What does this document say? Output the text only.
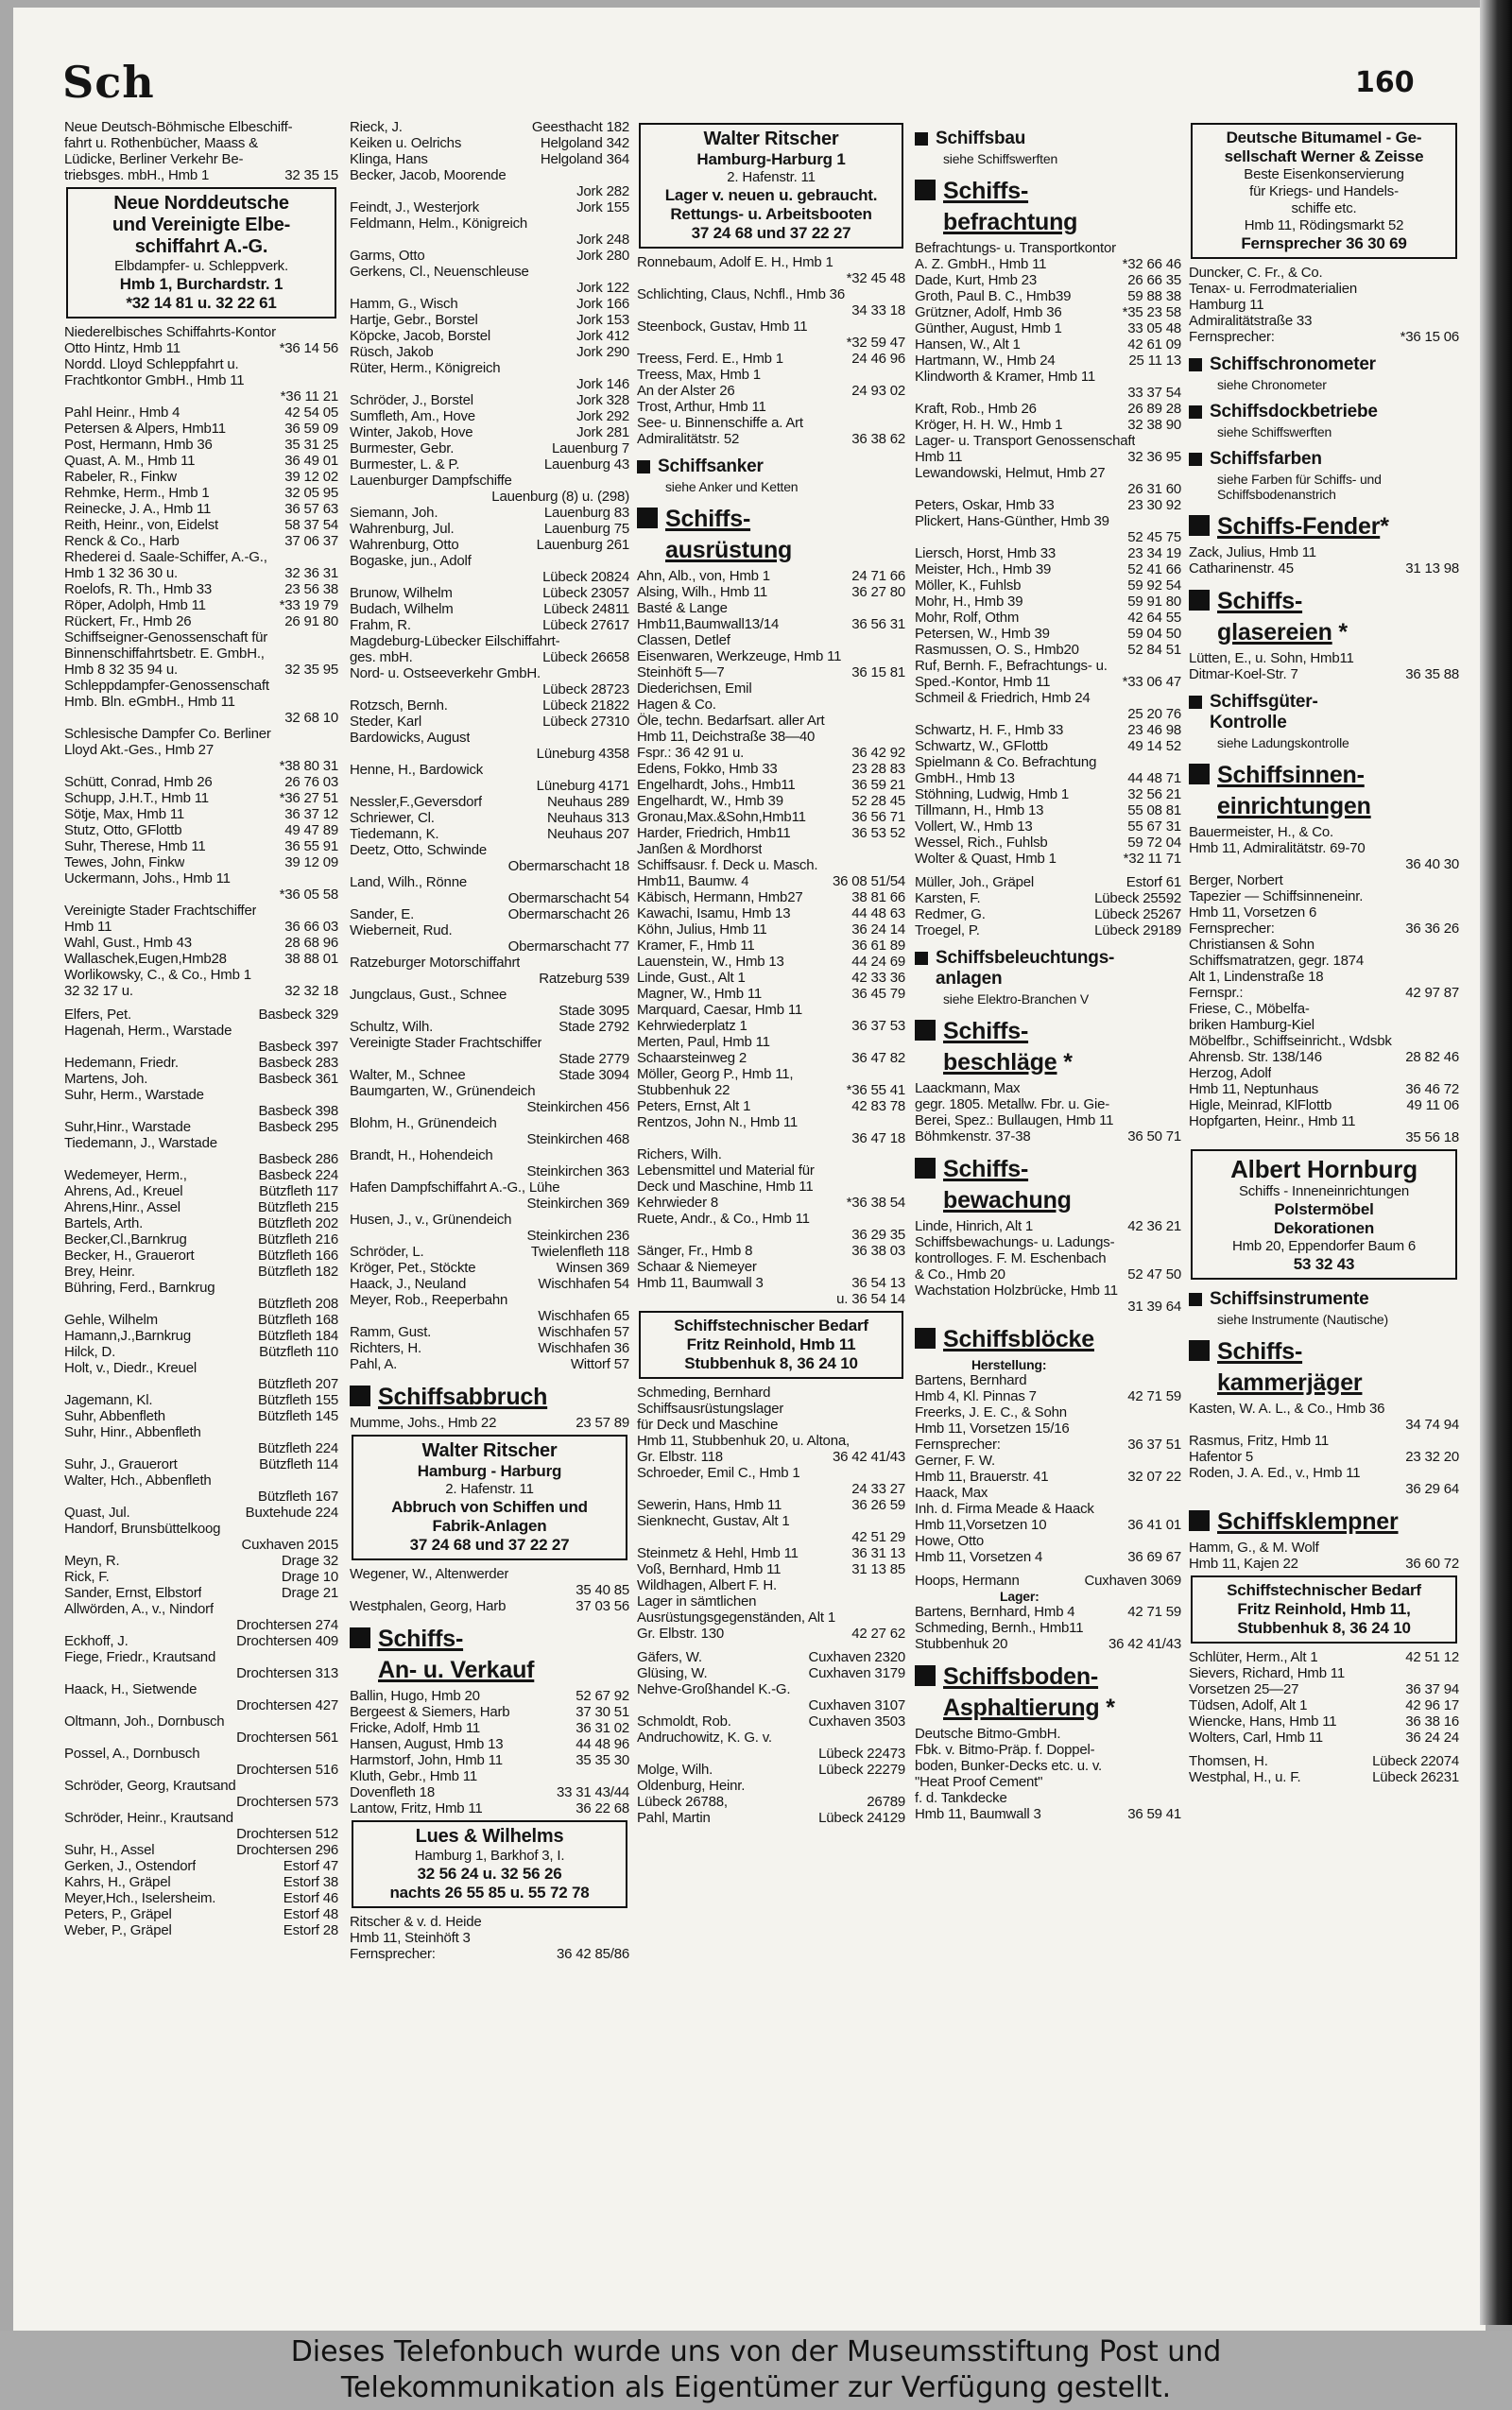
Sch	160
Neue Deutsch-Böhmische Elbeschiff-
fahrt u. Rothenbücher, Maass &
Lüdicke, Berliner Verkehr Be-
triebsges. mbH., Hmb 1	32 35 15
Neue Norddeutsche
und Vereinigte Elbe-
schiffahrt A.-G.
Elbdampfer- u. Schleppverk.
Hmb 1, Burchardstr. 1
*32 14 81 u. 32 22 61
Niederelbisches Schiffahrts-Kontor
Otto Hintz, Hmb 11	*36 14 56
Nordd. Lloyd Schleppfahrt u.
Frachtkontor GmbH., Hmb 11
*36 11 21
Pahl Heinr., Hmb 4	42 54 05
Petersen & Alpers, Hmb11	36 59 09
Post, Hermann, Hmb 36	35 31 25
Quast, A. M., Hmb 11	36 49 01
Rabeler, R., Finkw	39 12 02
Rehmke, Herm., Hmb 1	32 05 95
Reinecke, J. A., Hmb 11	36 57 63
Reith, Heinr., von, Eidelst	58 37 54
Renck & Co., Harb	37 06 37
Rhederei d. Saale-Schiffer, A.-G.,
Hmb 1 32 36 30 u.	32 36 31
Roelofs, R. Th., Hmb 33	23 56 38
Röper, Adolph, Hmb 11	*33 19 79
Rückert, Fr., Hmb 26	26 91 80
Schiffseigner-Genossenschaft für
Binnenschiffahrtsbetr. E. GmbH.,
Hmb 8 32 35 94 u.	32 35 95
Schleppdampfer-Genossenschaft
Hmb. Bln. eGmbH., Hmb 11
32 68 10
Schlesische Dampfer Co. Berliner
Lloyd Akt.-Ges., Hmb 27
*38 80 31
Schütt, Conrad, Hmb 26	26 76 03
Schupp, J.H.T., Hmb 11	*36 27 51
Sötje, Max, Hmb 11	36 37 12
Stutz, Otto, GFlottb	49 47 89
Suhr, Therese, Hmb 11	36 55 91
Tewes, John, Finkw	39 12 09
Uckermann, Johs., Hmb 11
*36 05 58
Vereinigte Stader Frachtschiffer
Hmb 11	36 66 03
Wahl, Gust., Hmb 43	28 68 96
Wallaschek,Eugen,Hmb28	38 88 01
Worlikowsky, C., & Co., Hmb 1
32 32 17 u.	32 32 18
Elfers, Pet.	Basbeck 329
Hagenah, Herm., Warstade
Basbeck 397
Hedemann, Friedr.	Basbeck 283
Martens, Joh.	Basbeck 361
Suhr, Herm., Warstade
Basbeck 398
Suhr,Hinr., Warstade	Basbeck 295
Tiedemann, J., Warstade
Basbeck 286
Wedemeyer, Herm.,	Basbeck 224
Ahrens, Ad., Kreuel	Bützfleth 117
Ahrens,Hinr., Assel	Bützfleth 215
Bartels, Arth.	Bützfleth 202
Becker,Cl.,Barnkrug	Bützfleth 216
Becker, H., Grauerort	Bützfleth 166
Brey, Heinr.	Bützfleth 182
Bühring, Ferd., Barnkrug
Bützfleth 208
Gehle, Wilhelm	Bützfleth 168
Hamann,J.,Barnkrug	Bützfleth 184
Hilck, D.	Bützfleth 110
Holt, v., Diedr., Kreuel
Bützfleth 207
Jagemann, Kl.	Bützfleth 155
Suhr, Abbenfleth	Bützfleth 145
Suhr, Hinr., Abbenfleth
Bützfleth 224
Suhr, J., Grauerort	Bützfleth 114
Walter, Hch., Abbenfleth
Bützfleth 167
Quast, Jul.	Buxtehude 224
Handorf, Brunsbüttelkoog
Cuxhaven 2015
Meyn, R.	Drage 32
Rick, F.	Drage 10
Sander, Ernst, Elbstorf	Drage 21
Allwörden, A., v., Nindorf
Drochtersen 274
Eckhoff, J.	Drochtersen 409
Fiege, Friedr., Krautsand
Drochtersen 313
Haack, H., Sietwende
Drochtersen 427
Oltmann, Joh., Dornbusch
Drochtersen 561
Possel, A., Dornbusch
Drochtersen 516
Schröder, Georg, Krautsand
Drochtersen 573
Schröder, Heinr., Krautsand
Drochtersen 512
Suhr, H., Assel	Drochtersen 296
Gerken, J., Ostendorf	Estorf 47
Kahrs, H., Gräpel	Estorf 38
Meyer,Hch., Iselersheim.	Estorf 46
Peters, P., Gräpel	Estorf 48
Weber, P., Gräpel	Estorf 28
Rieck, J.	Geesthacht 182
Keiken u. Oelrichs	Helgoland 342
Klinga, Hans	Helgoland 364
Becker, Jacob, Moorende
Jork 282
Feindt, J., Westerjork	Jork 155
Feldmann, Helm., Königreich
Jork 248
Garms, Otto	Jork 280
Gerkens, Cl., Neuenschleuse
Jork 122
Hamm, G., Wisch	Jork 166
Hartje, Gebr., Borstel	Jork 153
Köpcke, Jacob, Borstel	Jork 412
Rüsch, Jakob	Jork 290
Rüter, Herm., Königreich
Jork 146
Schröder, J., Borstel	Jork 328
Sumfleth, Am., Hove	Jork 292
Winter, Jakob, Hove	Jork 281
Burmester, Gebr.	Lauenburg 7
Burmester, L. & P.	Lauenburg 43
Lauenburger Dampfschiffe
Lauenburg (8) u. (298)
Siemann, Joh.	Lauenburg 83
Wahrenburg, Jul.	Lauenburg 75
Wahrenburg, Otto	Lauenburg 261
Bogaske, jun., Adolf
Lübeck 20824
Brunow, Wilhelm	Lübeck 23057
Budach, Wilhelm	Lübeck 24811
Frahm, R.	Lübeck 27617
Magdeburg-Lübecker Eilschiffahrt-
ges. mbH.	Lübeck 26658
Nord- u. Ostseeverkehr GmbH.
Lübeck 28723
Rotzsch, Bernh.	Lübeck 21822
Steder, Karl	Lübeck 27310
Bardowicks, August
Lüneburg 4358
Henne, H., Bardowick
Lüneburg 4171
Nessler,F.,Geversdorf	Neuhaus 289
Schriewer, Cl.	Neuhaus 313
Tiedemann, K.	Neuhaus 207
Deetz, Otto, Schwinde
Obermarschacht 18
Land, Wilh., Rönne
Obermarschacht 54
Sander, E.	Obermarschacht 26
Wieberneit, Rud.
Obermarschacht 77
Ratzeburger Motorschiffahrt
Ratzeburg 539
Jungclaus, Gust., Schnee
Stade 3095
Schultz, Wilh.	Stade 2792
Vereinigte Stader Frachtschiffer
Stade 2779
Walter, M., Schnee	Stade 3094
Baumgarten, W., Grünendeich
Steinkirchen 456
Blohm, H., Grünendeich
Steinkirchen 468
Brandt, H., Hohendeich
Steinkirchen 363
Hafen Dampfschiffahrt A.-G., Lühe
Steinkirchen 369
Husen, J., v., Grünendeich
Steinkirchen 236
Schröder, L.	Twielenfleth 118
Kröger, Pet., Stöckte	Winsen 369
Haack, J., Neuland	Wischhafen 54
Meyer, Rob., Reeperbahn
Wischhafen 65
Ramm, Gust.	Wischhafen 57
Richters, H.	Wischhafen 36
Pahl, A.	Wittorf 57
Schiffsabbruch
Mumme, Johs., Hmb 22	23 57 89
Walter Ritscher
Hamburg - Harburg
2. Hafenstr. 11
Abbruch von Schiffen und
Fabrik-Anlagen
37 24 68 und 37 22 27
Wegener, W., Altenwerder
35 40 85
Westphalen, Georg, Harb	37 03 56
Schiffs-
An- u. Verkauf
Ballin, Hugo, Hmb 20	52 67 92
Bergeest & Siemers, Harb	37 30 51
Fricke, Adolf, Hmb 11	36 31 02
Hansen, August, Hmb 13	44 48 96
Harmstorf, John, Hmb 11	35 35 30
Kluth, Gebr., Hmb 11
Dovenfleth 18	33 31 43/44
Lantow, Fritz, Hmb 11	36 22 68
Lues & Wilhelms
Hamburg 1, Barkhof 3, I.
32 56 24 u. 32 56 26
nachts 26 55 85 u. 55 72 78
Ritscher & v. d. Heide
Hmb 11, Steinhöft 3
Fernsprecher:	36 42 85/86
Walter Ritscher
Hamburg-Harburg 1
2. Hafenstr. 11
Lager v. neuen u. gebraucht.
Rettungs- u. Arbeitsbooten
37 24 68 und 37 22 27
Ronnebaum, Adolf E. H., Hmb 1
*32 45 48
Schlichting, Claus, Nchfl., Hmb 36
34 33 18
Steenbock, Gustav, Hmb 11
*32 59 47
Treess, Ferd. E., Hmb 1	24 46 96
Treess, Max, Hmb 1
An der Alster 26	24 93 02
Trost, Arthur, Hmb 11
See- u. Binnenschiffe a. Art
Admiralitätstr. 52	36 38 62
Schiffsanker
siehe Anker und Ketten
Schiffs-
ausrüstung
Ahn, Alb., von, Hmb 1	24 71 66
Alsing, Wilh., Hmb 11	36 27 80
Basté & Lange
Hmb11,Baumwall13/14	36 56 31
Classen, Detlef
Eisenwaren, Werkzeuge, Hmb 11
Steinhöft 5—7	36 15 81
Diederichsen, Emil
Hagen & Co.
Öle, techn. Bedarfsart. aller Art
Hmb 11, Deichstraße 38—40
Fspr.: 36 42 91 u.	36 42 92
Edens, Fokko, Hmb 33	23 28 83
Engelhardt, Johs., Hmb11	36 59 21
Engelhardt, W., Hmb 39	52 28 45
Gronau,Max.&Sohn,Hmb11	36 56 71
Harder, Friedrich, Hmb11	36 53 52
Janßen & Mordhorst
Schiffsausr. f. Deck u. Masch.
Hmb11, Baumw. 4	36 08 51/54
Käbisch, Hermann, Hmb27	38 81 66
Kawachi, Isamu, Hmb 13	44 48 63
Köhn, Julius, Hmb 11	36 24 14
Kramer, F., Hmb 11	36 61 89
Lauenstein, W., Hmb 13	44 24 69
Linde, Gust., Alt 1	42 33 36
Magner, W., Hmb 11	36 45 79
Marquard, Caesar, Hmb 11
Kehrwiederplatz 1	36 37 53
Merten, Paul, Hmb 11
Schaarsteinweg 2	36 47 82
Möller, Georg P., Hmb 11,
Stubbenhuk 22	*36 55 41
Peters, Ernst, Alt 1	42 83 78
Rentzos, John N., Hmb 11
36 47 18
Richers, Wilh.
Lebensmittel und Material für
Deck und Maschine, Hmb 11
Kehrwieder 8	*36 38 54
Ruete, Andr., & Co., Hmb 11
36 29 35
Sänger, Fr., Hmb 8	36 38 03
Schaar & Niemeyer
Hmb 11, Baumwall 3	36 54 13
u. 36 54 14
Schiffstechnischer Bedarf
Fritz Reinhold, Hmb 11
Stubbenhuk 8, 36 24 10
Schmeding, Bernhard
Schiffsausrüstungslager
für Deck und Maschine
Hmb 11, Stubbenhuk 20, u. Altona,
Gr. Elbstr. 118	36 42 41/43
Schroeder, Emil C., Hmb 1
24 33 27
Sewerin, Hans, Hmb 11	36 26 59
Sienknecht, Gustav, Alt 1
42 51 29
Steinmetz & Hehl, Hmb 11	36 31 13
Voß, Bernhard, Hmb 11	31 13 85
Wildhagen, Albert F. H.
Lager in sämtlichen
Ausrüstungsgegenständen, Alt 1
Gr. Elbstr. 130	42 27 62
Gäfers, W.	Cuxhaven 2320
Glüsing, W.	Cuxhaven 3179
Nehve-Großhandel K.-G.
Cuxhaven 3107
Schmoldt, Rob.	Cuxhaven 3503
Andruchowitz, K. G. v.
Lübeck 22473
Molge, Wilh.	Lübeck 22279
Oldenburg, Heinr.
Lübeck 26788,	26789
Pahl, Martin	Lübeck 24129
Schiffsbau
siehe Schiffswerften
Schiffs-
befrachtung
Befrachtungs- u. Transportkontor
A. Z. GmbH., Hmb 11	*32 66 46
Dade, Kurt, Hmb 23	26 66 35
Groth, Paul B. C., Hmb39	59 88 38
Grützner, Adolf, Hmb 36	*35 23 58
Günther, August, Hmb 1	33 05 48
Hansen, W., Alt 1	42 61 09
Hartmann, W., Hmb 24	25 11 13
Klindworth & Kramer, Hmb 11
33 37 54
Kraft, Rob., Hmb 26	26 89 28
Kröger, H. H. W., Hmb 1	32 38 90
Lager- u. Transport Genossenschaft
Hmb 11	32 36 95
Lewandowski, Helmut, Hmb 27
26 31 60
Peters, Oskar, Hmb 33	23 30 92
Plickert, Hans-Günther, Hmb 39
52 45 75
Liersch, Horst, Hmb 33	23 34 19
Meister, Hch., Hmb 39	52 41 66
Möller, K., Fuhlsb	59 92 54
Mohr, H., Hmb 39	59 91 80
Mohr, Rolf, Othm	42 64 55
Petersen, W., Hmb 39	59 04 50
Rasmussen, O. S., Hmb20	52 84 51
Ruf, Bernh. F., Befrachtungs- u.
Sped.-Kontor, Hmb 11	*33 06 47
Schmeil & Friedrich, Hmb 24
25 20 76
Schwartz, H. F., Hmb 33	23 46 98
Schwartz, W., GFlottb	49 14 52
Spielmann & Co. Befrachtung
GmbH., Hmb 13	44 48 71
Stöhning, Ludwig, Hmb 1	32 56 21
Tillmann, H., Hmb 13	55 08 81
Vollert, W., Hmb 13	55 67 31
Wessel, Rich., Fuhlsb	59 72 04
Wolter & Quast, Hmb 1	*32 11 71
Müller, Joh., Gräpel	Estorf 61
Karsten, F.	Lübeck 25592
Redmer, G.	Lübeck 25267
Troegel, P.	Lübeck 29189
Schiffsbeleuchtungs-
anlagen
siehe Elektro-Branchen V
Schiffs-
beschläge *
Laackmann, Max
gegr. 1805. Metallw. Fbr. u. Gie-
Berei, Spez.: Bullaugen, Hmb 11
Böhmkenstr. 37-38	36 50 71
Schiffs-
bewachung
Linde, Hinrich, Alt 1	42 36 21
Schiffsbewachungs- u. Ladungs-
kontrolloges. F. M. Eschenbach
& Co., Hmb 20	52 47 50
Wachstation Holzbrücke, Hmb 11
31 39 64
Schiffsblöcke
Herstellung:
Bartens, Bernhard
Hmb 4, Kl. Pinnas 7	42 71 59
Freerks, J. E. C., & Sohn
Hmb 11, Vorsetzen 15/16
Fernsprecher:	36 37 51
Gerner, F. W.
Hmb 11, Brauerstr. 41	32 07 22
Haack, Max
Inh. d. Firma Meade & Haack
Hmb 11,Vorsetzen 10	36 41 01
Howe, Otto
Hmb 11, Vorsetzen 4	36 69 67
Hoops, Hermann	Cuxhaven 3069
Lager:
Bartens, Bernhard, Hmb 4	42 71 59
Schmeding, Bernh., Hmb11
Stubbenhuk 20	36 42 41/43
Schiffsboden-
Asphaltierung *
Deutsche Bitmo-GmbH.
Fbk. v. Bitmo-Präp. f. Doppel-
boden, Bunker-Decks etc. u. v.
"Heat Proof Cement"
f. d. Tankdecke
Hmb 11, Baumwall 3	36 59 41
Deutsche Bitumamel - Ge-
sellschaft Werner & Zeisse
Beste Eisenkonservierung
für Kriegs- und Handels-
schiffe etc.
Hmb 11, Rödingsmarkt 52
Fernsprecher 36 30 69
Duncker, C. Fr., & Co.
Tenax- u. Ferrodmaterialien
Hamburg 11
Admiralitätstraße 33
Fernsprecher:	*36 15 06
Schiffschronometer
siehe Chronometer
Schiffsdockbetriebe
siehe Schiffswerften
Schiffsfarben
siehe Farben für Schiffs- und Schiffsbodenanstrich
Schiffs-Fender*
Zack, Julius, Hmb 11
Catharinenstr. 45	31 13 98
Schiffs-
glasereien *
Lütten, E., u. Sohn, Hmb11
Ditmar-Koel-Str. 7	36 35 88
Schiffsgüter-
Kontrolle
siehe Ladungskontrolle
Schiffsinnen-
einrichtungen
Bauermeister, H., & Co.
Hmb 11, Admiralitätstr. 69-70
36 40 30
Berger, Norbert
Tapezier — Schiffsinneneinr.
Hmb 11, Vorsetzen 6
Fernsprecher:	36 36 26
Christiansen & Sohn
Schiffsmatratzen, gegr. 1874
Alt 1, Lindenstraße 18
Fernspr.:	42 97 87
Friese, C., Möbelfa-
briken Hamburg-Kiel
Möbelfbr., Schiffseinricht., Wdsbk
Ahrensb. Str. 138/146	28 82 46
Herzog, Adolf
Hmb 11, Neptunhaus	36 46 72
Higle, Meinrad, KlFlottb	49 11 06
Hopfgarten, Heinr., Hmb 11
35 56 18
Albert Hornburg
Schiffs - Inneneinrichtungen
Polstermöbel
Dekorationen
Hmb 20, Eppendorfer Baum 6
53 32 43
Schiffsinstrumente
siehe Instrumente (Nautische)
Schiffs-
kammerjäger
Kasten, W. A. L., & Co., Hmb 36
34 74 94
Rasmus, Fritz, Hmb 11
Hafentor 5	23 32 20
Roden, J. A. Ed., v., Hmb 11
36 29 64
Schiffsklempner
Hamm, G., & M. Wolf
Hmb 11, Kajen 22	36 60 72
Schiffstechnischer Bedarf
Fritz Reinhold, Hmb 11,
Stubbenhuk 8, 36 24 10
Schlüter, Herm., Alt 1	42 51 12
Sievers, Richard, Hmb 11
Vorsetzen 25—27	36 37 94
Tüdsen, Adolf, Alt 1	42 96 17
Wiencke, Hans, Hmb 11	36 38 16
Wolters, Carl, Hmb 11	36 24 24
Thomsen, H.	Lübeck 22074
Westphal, H., u. F.	Lübeck 26231
Dieses Telefonbuch wurde uns von der Museumsstiftung Post und
Telekommunikation als Eigentümer zur Verfügung gestellt.
